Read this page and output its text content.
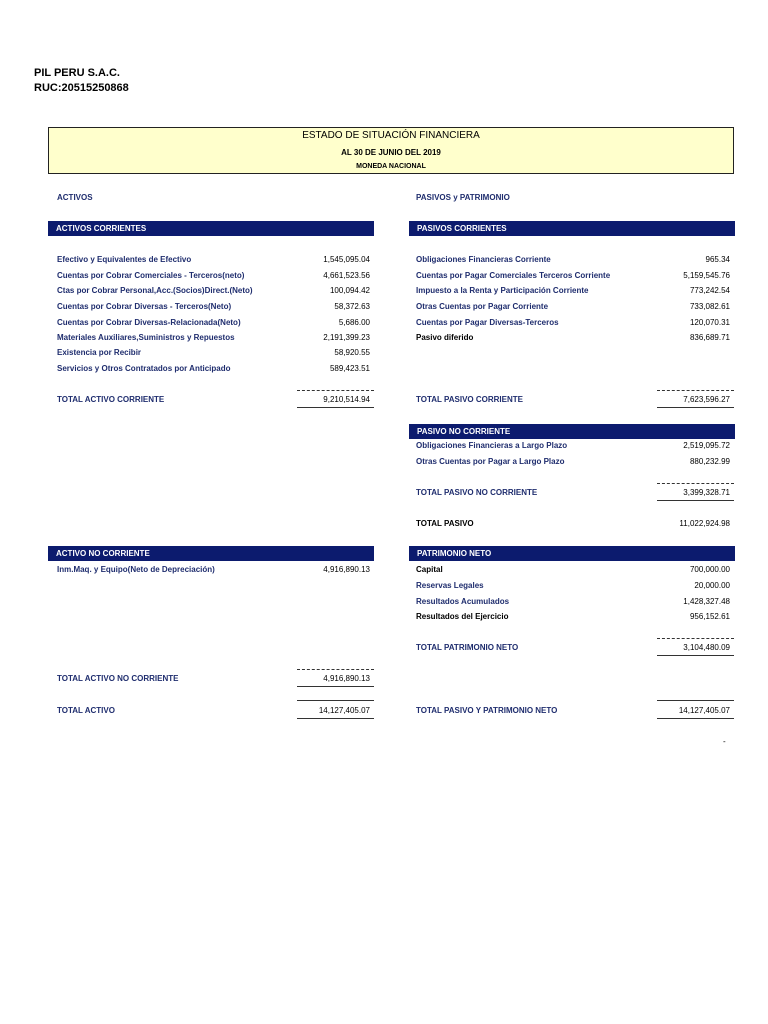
PIL PERU S.A.C.
RUC:20515250868
ESTADO DE SITUACIÓN FINANCIERA
AL 30 DE JUNIO DEL 2019
MONEDA NACIONAL
ACTIVOS	PASIVOS y PATRIMONIO
ACTIVOS CORRIENTES
Efectivo y Equivalentes de Efectivo	1,545,095.04
Cuentas por Cobrar Comerciales - Terceros(neto)	4,661,523.56
Ctas por Cobrar Personal,Acc.(Socios)Direct.(Neto)	100,094.42
Cuentas por Cobrar Diversas - Terceros(Neto)	58,372.63
Cuentas por Cobrar Diversas-Relacionada(Neto)	5,686.00
Materiales Auxiliares,Suministros y Repuestos	2,191,399.23
Existencia por Recibir	58,920.55
Servicios y Otros Contratados por Anticipado	589,423.51
TOTAL ACTIVO CORRIENTE	9,210,514.94
PASIVOS CORRIENTES
Obligaciones Financieras Corriente	965.34
Cuentas por Pagar Comerciales Terceros Corriente	5,159,545.76
Impuesto a la Renta y Participación Corriente	773,242.54
Otras Cuentas por Pagar Corriente	733,082.61
Cuentas por Pagar Diversas-Terceros	120,070.31
Pasivo diferido	836,689.71
TOTAL PASIVO CORRIENTE	7,623,596.27
PASIVO NO CORRIENTE
Obligaciones Financieras a Largo Plazo	2,519,095.72
Otras Cuentas por Pagar a Largo Plazo	880,232.99
TOTAL PASIVO NO CORRIENTE	3,399,328.71
TOTAL PASIVO	11,022,924.98
ACTIVO NO CORRIENTE
Inm.Maq. y Equipo(Neto de Depreciación)	4,916,890.13
TOTAL ACTIVO NO CORRIENTE	4,916,890.13
PATRIMONIO NETO
Capital	700,000.00
Reservas Legales	20,000.00
Resultados Acumulados	1,428,327.48
Resultados del Ejercicio	956,152.61
TOTAL PATRIMONIO NETO	3,104,480.09
TOTAL ACTIVO	14,127,405.07	TOTAL PASIVO Y PATRIMONIO NETO	14,127,405.07
-
